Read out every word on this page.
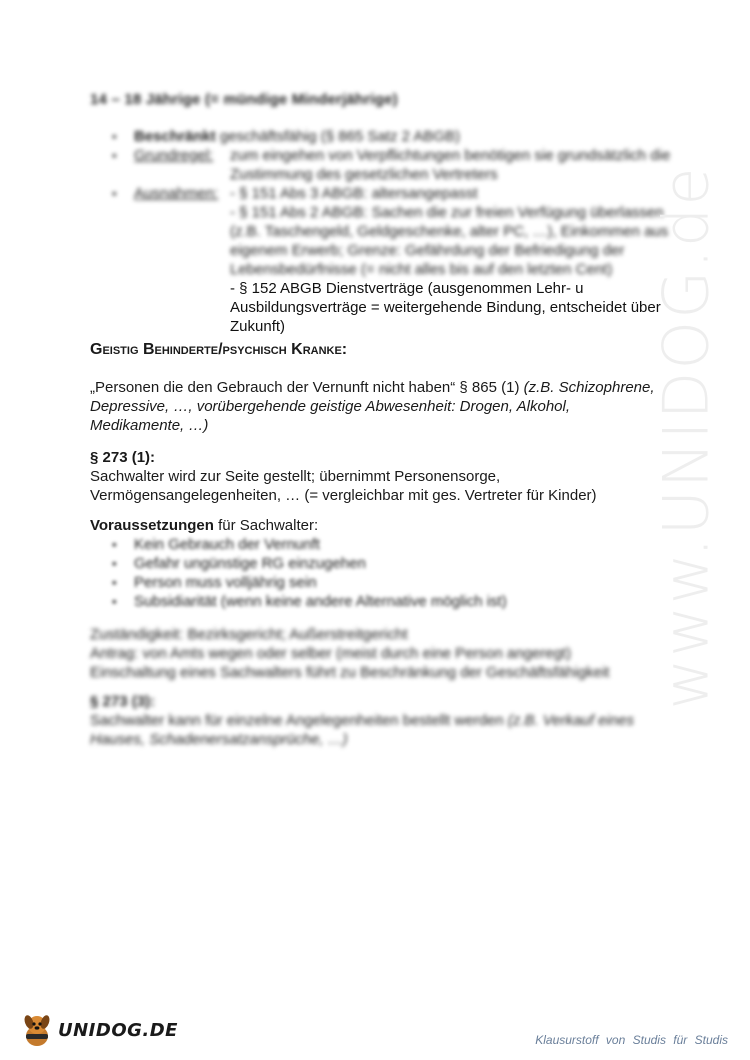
14 – 18 Jährige (= mündige Minderjährige)
•	Beschränkt geschäftsfähig (§ 865 Satz 2 ABGB)
•	Grundregel:	zum eingehen von Verpflichtungen benötigen sie grundsätzlich die Zustimmung des gesetzlichen Vertreters
•	Ausnahmen: - § 151 Abs 3 ABGB: altersangepasst
- § 151 Abs 2 ABGB: Sachen die zur freien Verfügung überlassen (z.B. Taschengeld, Geldgeschenke, alter PC, …), Einkommen aus eigenem Erwerb; Grenze: Gefährdung der Befriedigung der Lebensbedürfnisse (= nicht alles bis auf den letzten Cent)
- § 152 ABGB Dienstverträge (ausgenommen Lehr- u Ausbildungsverträge = weitergehende Bindung, entscheidet über Zukunft)
Geistig Behinderte/psychisch Kranke:
„Personen die den Gebrauch der Vernunft nicht haben“ § 865 (1) (z.B. Schizophrene, Depressive, …, vorübergehende geistige Abwesenheit: Drogen, Alkohol, Medikamente, …)
§ 273 (1):
Sachwalter wird zur Seite gestellt; übernimmt Personensorge, Vermögensangelegenheiten, … (= vergleichbar mit ges. Vertreter für Kinder)
Voraussetzungen für Sachwalter:
•	Kein Gebrauch der Vernunft
•	Gefahr ungünstige RG einzugehen
•	Person muss volljährig sein
•	Subsidiarität (wenn keine andere Alternative möglich ist)
Zuständigkeit: Bezirksgericht; Außerstreitgericht
Antrag: von Amts wegen oder selber (meist durch eine Person angeregt)
Einschaltung eines Sachwalters führt zu Beschränkung der Geschäftsfähigkeit
§ 273 (3):
Sachwalter kann für einzelne Angelegenheiten bestellt werden (z.B. Verkauf eines Hauses, Schadenersatzansprüche, …)
www.UNIDOG.de
UNIDOG.DE	Klausurstoff von Studis für Studis
